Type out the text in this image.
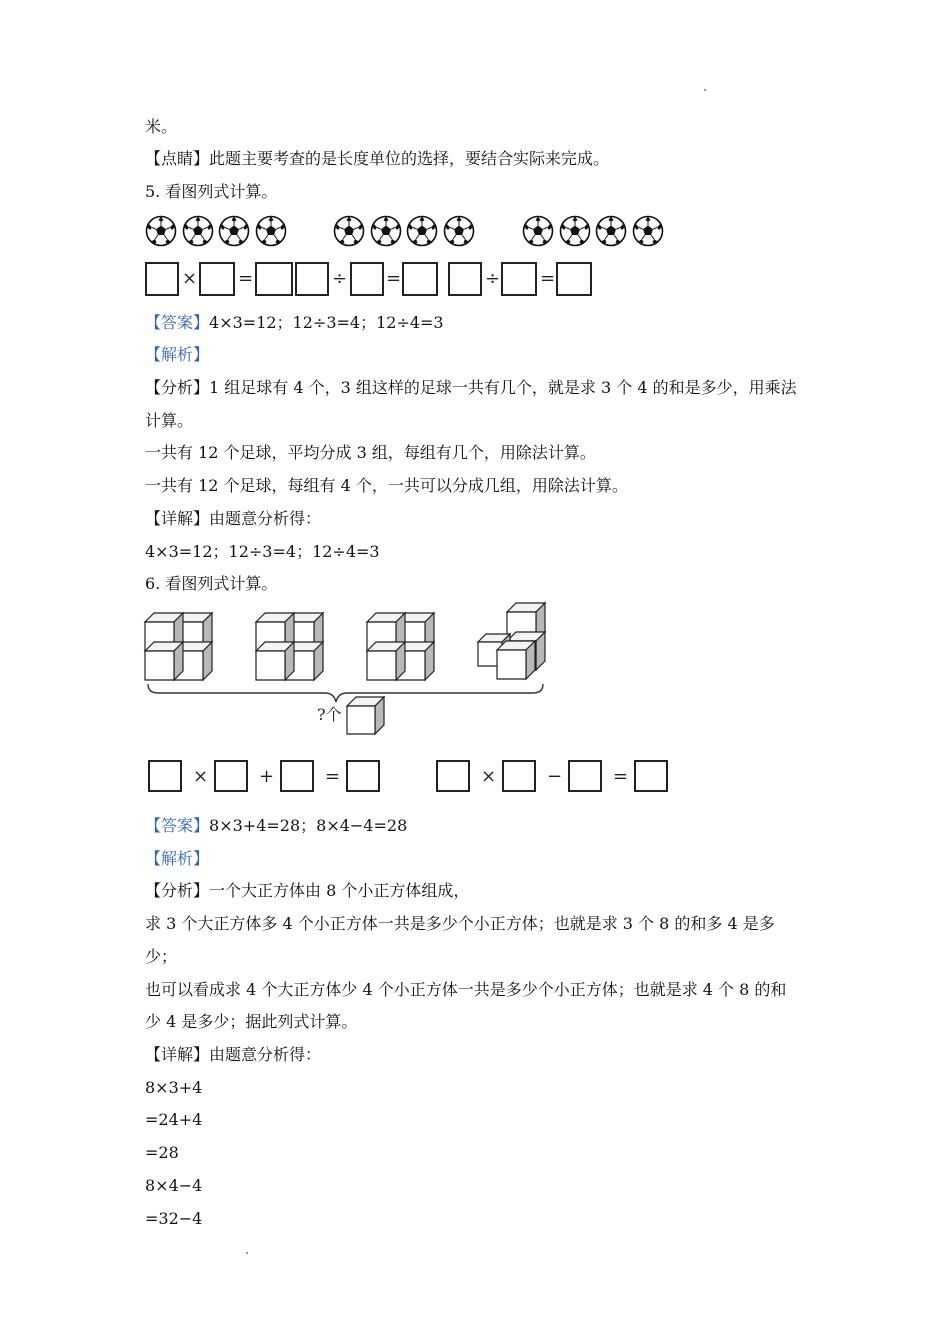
米。
【点睛】此题主要考查的是长度单位的选择，要结合实际来完成。
5. 看图列式计算。
× =	÷ =	÷ =
【答案】4×3=12；12÷3=4；12÷4=3
【解析】
【分析】1 组足球有 4 个，3 组这样的足球一共有几个，就是求 3 个 4 的和是多少，用乘法
计算。
一共有 12 个足球，平均分成 3 组，每组有几个，用除法计算。
一共有 12 个足球，每组有 4 个，一共可以分成几组，用除法计算。
【详解】由题意分析得：
4×3=12；12÷3=4；12÷4=3
6. 看图列式计算。
?个
×	+	=	×	−	=
【答案】8×3+4=28；8×4−4=28
【解析】
【分析】一个大正方体由 8 个小正方体组成，
求 3 个大正方体多 4 个小正方体一共是多少个小正方体；也就是求 3 个 8 的和多 4 是多
少；
也可以看成求 4 个大正方体少 4 个小正方体一共是多少个小正方体；也就是求 4 个 8 的和
少 4 是多少；据此列式计算。
【详解】由题意分析得：
8×3+4
=24+4
=28
8×4−4
=32−4
